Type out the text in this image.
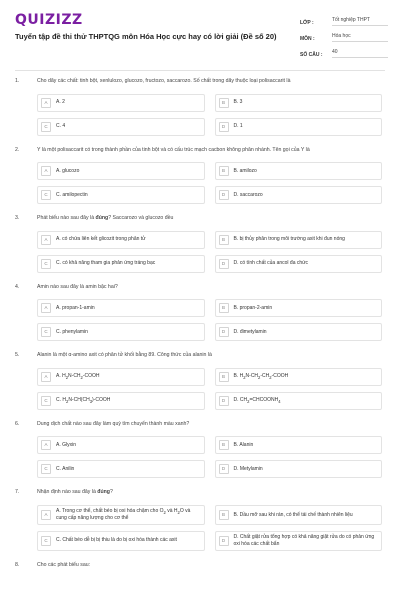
QUIZIZZ
Tuyển tập đề thi thử THPTQG môn Hóa Học cực hay có lời giải (Đề số 20)
LỚP :	Tốt nghiệp THPT
MÔN :	Hóa học
SỐ CÂU :	40
1.	Cho dãy các chất: tinh bột, xenlulozo, glucozo, fructozo, saccarozo. Số chất trong dãy thuộc loại polisaccarit là
A	A. 2	B	B. 3
C	C. 4	D	D. 1
2.	Y là một polisaccarit có trong thành phần của tinh bột và có cấu trúc mạch cacbon không phân nhánh. Tên gọi của Y là
A	A. glucozo	B	B. amilozo
C	C. amilopectin	D	D. saccarozo
3.	Phát biểu nào sau đây là đúng? Saccarozo và glucozo đều
A	A. có chứa liên kết glicozit trong phân tử	B	B. bị thủy phân trong môi trường axit khi đun nóng
C	C. có khả năng tham gia phản ứng tráng bạc	D	D. có tính chất của ancol đa chức
4.	Amin nào sau đây là amin bậc hai?
A	A. propan-1-amin	B	B. propan-2-amin
C	C. phenylamin	D	D. đimetylamin
5.	Alanin là một α-amino axit có phân tử khối bằng 89. Công thức của alanin là
A	A. $H_2N-CH_2$-COOH	B	B. $H_2N-CH_2-CH_2$-COOH
C	C. $H_2N-CH(CH_3)$-COOH	D	D. $CH_2=CHCOONH_4$
6.	Dung dịch chất nào sau đây làm quỳ tím chuyển thành màu xanh?
A	A. Glyxin	B	B. Alanin
C	C. Anilin	D	D. Metylamin
7.	Nhận định nào sau đây là đúng?
A
A. Trong cơ thể, chất béo bị oxi hóa chậm cho $O_2$ và $H_2O$ và cung cấp năng lượng cho cơ thể
B	B. Dầu mỡ sau khi rán, có thể tái chế thành nhiên liệu
C	C. Chất béo dễ bị bị thiu là do bị oxi hóa thành các axit	D
D. Chất giặt rửa tổng hợp có khả năng giặt rửa do có phản ứng oxi hóa các chất bẩn
8.	Cho các phát biểu sau:
